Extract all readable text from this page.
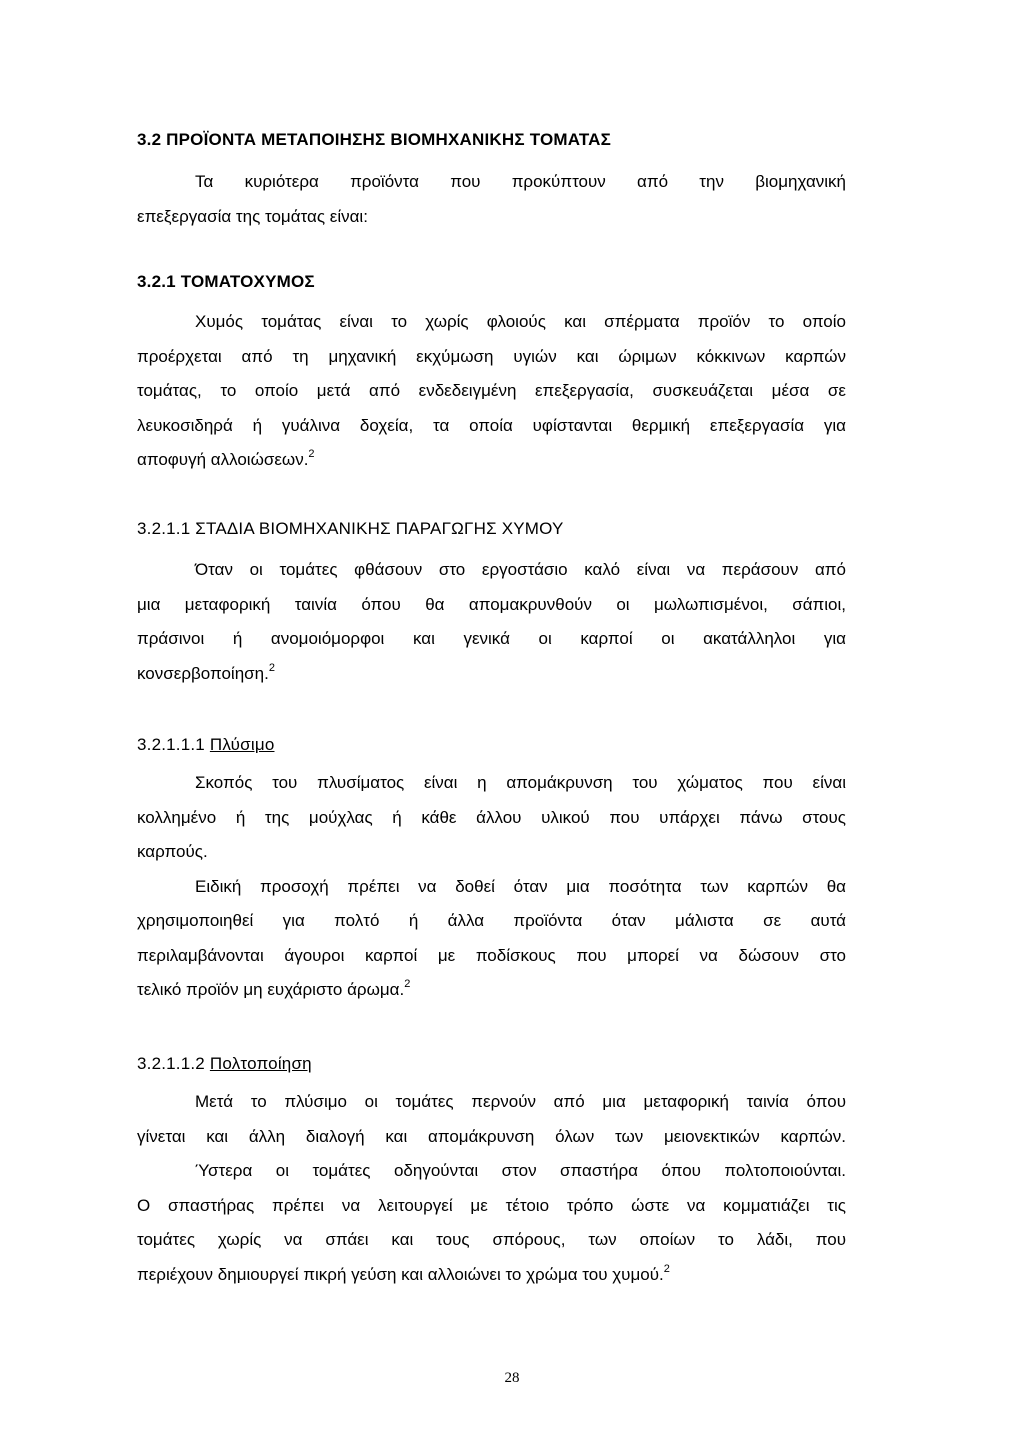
3.2 ΠΡΟΪΟΝΤΑ ΜΕΤΑΠΟΙΗΣΗΣ ΒΙΟΜΗΧΑΝΙΚΗΣ ΤΟΜΑΤΑΣ
Τα κυριότερα προϊόντα που προκύπτουν από την βιομηχανική
επεξεργασία της τομάτας είναι:
3.2.1 ΤΟΜΑΤΟΧΥΜΟΣ
Χυμός τομάτας είναι το χωρίς φλοιούς και σπέρματα προϊόν το οποίο
προέρχεται από τη μηχανική εκχύμωση υγιών και ώριμων κόκκινων καρπών
τομάτας, το οποίο μετά από ενδεδειγμένη επεξεργασία, συσκευάζεται μέσα σε
λευκοσιδηρά ή γυάλινα δοχεία, τα οποία υφίστανται θερμική επεξεργασία για
αποφυγή αλλοιώσεων.$^2$
3.2.1.1 ΣΤΑΔΙΑ ΒΙΟΜΗΧΑΝΙΚΗΣ ΠΑΡΑΓΩΓΗΣ ΧΥΜΟΥ
Όταν οι τομάτες φθάσουν στο εργοστάσιο καλό είναι να περάσουν από
μια μεταφορική ταινία όπου θα απομακρυνθούν οι μωλωπισμένοι, σάπιοι,
πράσινοι ή ανομοιόμορφοι και γενικά οι καρποί οι ακατάλληλοι για
κονσερβοποίηση.$^2$
3.2.1.1.1 Πλύσιμο
Σκοπός του πλυσίματος είναι η απομάκρυνση του χώματος που είναι
κολλημένο ή της μούχλας ή κάθε άλλου υλικού που υπάρχει πάνω στους
καρπούς.
Ειδική προσοχή πρέπει να δοθεί όταν μια ποσότητα των καρπών θα
χρησιμοποιηθεί για πολτό ή άλλα προϊόντα όταν μάλιστα σε αυτά
περιλαμβάνονται άγουροι καρποί με ποδίσκους που μπορεί να δώσουν στο
τελικό προϊόν μη ευχάριστο άρωμα.$^2$
3.2.1.1.2 Πολτοποίηση
Μετά το πλύσιμο οι τομάτες περνούν από μια μεταφορική ταινία όπου
γίνεται και άλλη διαλογή και απομάκρυνση όλων των μειονεκτικών καρπών.
Ύστερα οι τομάτες οδηγούνται στον σπαστήρα όπου πολτοποιούνται.
Ο σπαστήρας πρέπει να λειτουργεί με τέτοιο τρόπο ώστε να κομματιάζει τις
τομάτες χωρίς να σπάει και τους σπόρους, των οποίων το λάδι, που
περιέχουν δημιουργεί πικρή γεύση και αλλοιώνει το χρώμα του χυμού.$^2$
28
